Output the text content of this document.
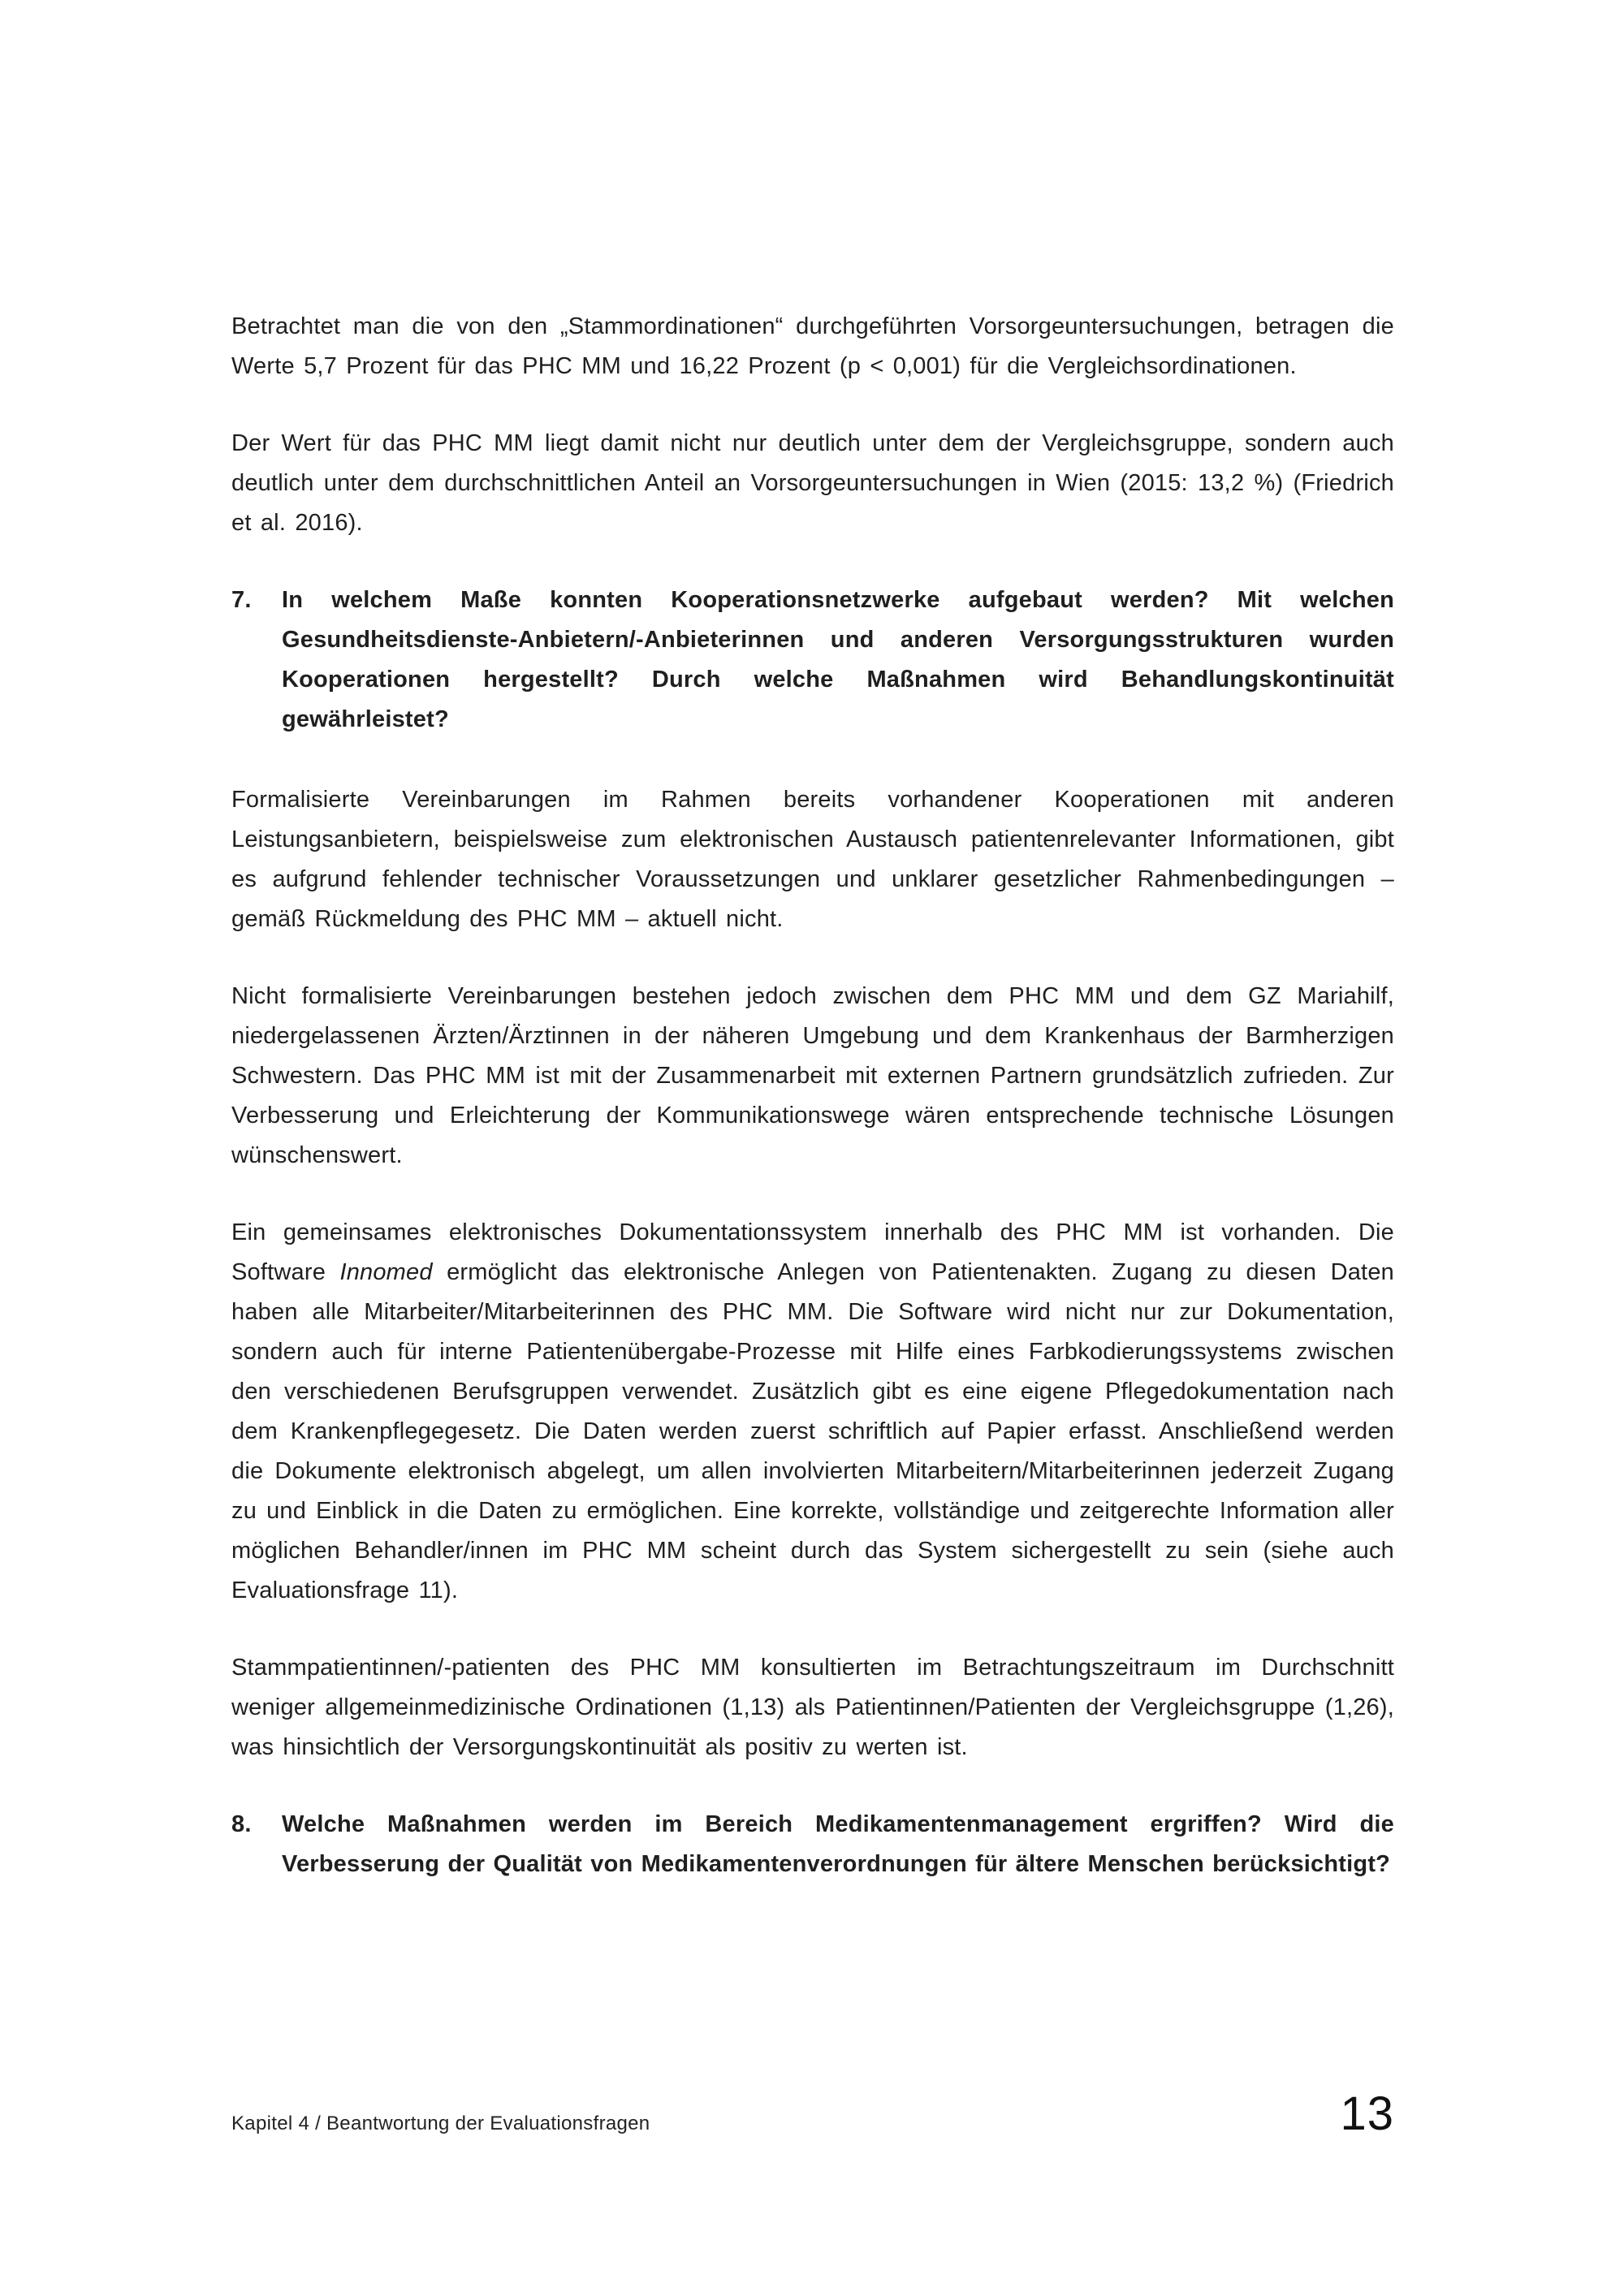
Betrachtet man die von den „Stammordinationen“ durchgeführten Vorsorgeuntersuchungen, betragen die Werte 5,7 Prozent für das PHC MM und 16,22 Prozent (p < 0,001) für die Vergleichsordinationen.

Der Wert für das PHC MM liegt damit nicht nur deutlich unter dem der Vergleichsgruppe, sondern auch deutlich unter dem durchschnittlichen Anteil an Vorsorgeuntersuchungen in Wien (2015: 13,2 %) (Friedrich et al. 2016).

7.	In welchem Maße konnten Kooperationsnetzwerke aufgebaut werden? Mit welchen Gesundheitsdienste-Anbietern/-Anbieterinnen und anderen Versorgungsstrukturen wurden Kooperationen hergestellt? Durch welche Maßnahmen wird Behandlungskontinuität gewährleistet?

Formalisierte Vereinbarungen im Rahmen bereits vorhandener Kooperationen mit anderen Leistungsanbietern, beispielsweise zum elektronischen Austausch patientenrelevanter Informationen, gibt es aufgrund fehlender technischer Voraussetzungen und unklarer gesetzlicher Rahmenbedingungen – gemäß Rückmeldung des PHC MM – aktuell nicht.

Nicht formalisierte Vereinbarungen bestehen jedoch zwischen dem PHC MM und dem GZ Mariahilf, niedergelassenen Ärzten/Ärztinnen in der näheren Umgebung und dem Krankenhaus der Barmherzigen Schwestern. Das PHC MM ist mit der Zusammenarbeit mit externen Partnern grundsätzlich zufrieden. Zur Verbesserung und Erleichterung der Kommunikationswege wären entsprechende technische Lösungen wünschenswert.

Ein gemeinsames elektronisches Dokumentationssystem innerhalb des PHC MM ist vorhanden. Die Software Innomed ermöglicht das elektronische Anlegen von Patientenakten. Zugang zu diesen Daten haben alle Mitarbeiter/Mitarbeiterinnen des PHC MM. Die Software wird nicht nur zur Dokumentation, sondern auch für interne Patientenübergabe-Prozesse mit Hilfe eines Farbkodierungssystems zwischen den verschiedenen Berufsgruppen verwendet. Zusätzlich gibt es eine eigene Pflegedokumentation nach dem Krankenpflegegesetz. Die Daten werden zuerst schriftlich auf Papier erfasst. Anschließend werden die Dokumente elektronisch abgelegt, um allen involvierten Mitarbeitern/Mitarbeiterinnen jederzeit Zugang zu und Einblick in die Daten zu ermöglichen. Eine korrekte, vollständige und zeitgerechte Information aller möglichen Behandler/innen im PHC MM scheint durch das System sichergestellt zu sein (siehe auch Evaluationsfrage 11).

Stammpatientinnen/-patienten des PHC MM konsultierten im Betrachtungszeitraum im Durchschnitt weniger allgemeinmedizinische Ordinationen (1,13) als Patientinnen/Patienten der Vergleichsgruppe (1,26), was hinsichtlich der Versorgungskontinuität als positiv zu werten ist.

8.	Welche Maßnahmen werden im Bereich Medikamentenmanagement ergriffen? Wird die Verbesserung der Qualität von Medikamentenverordnungen für ältere Menschen berücksichtigt?
Kapitel 4 / Beantwortung der Evaluationsfragen	13
